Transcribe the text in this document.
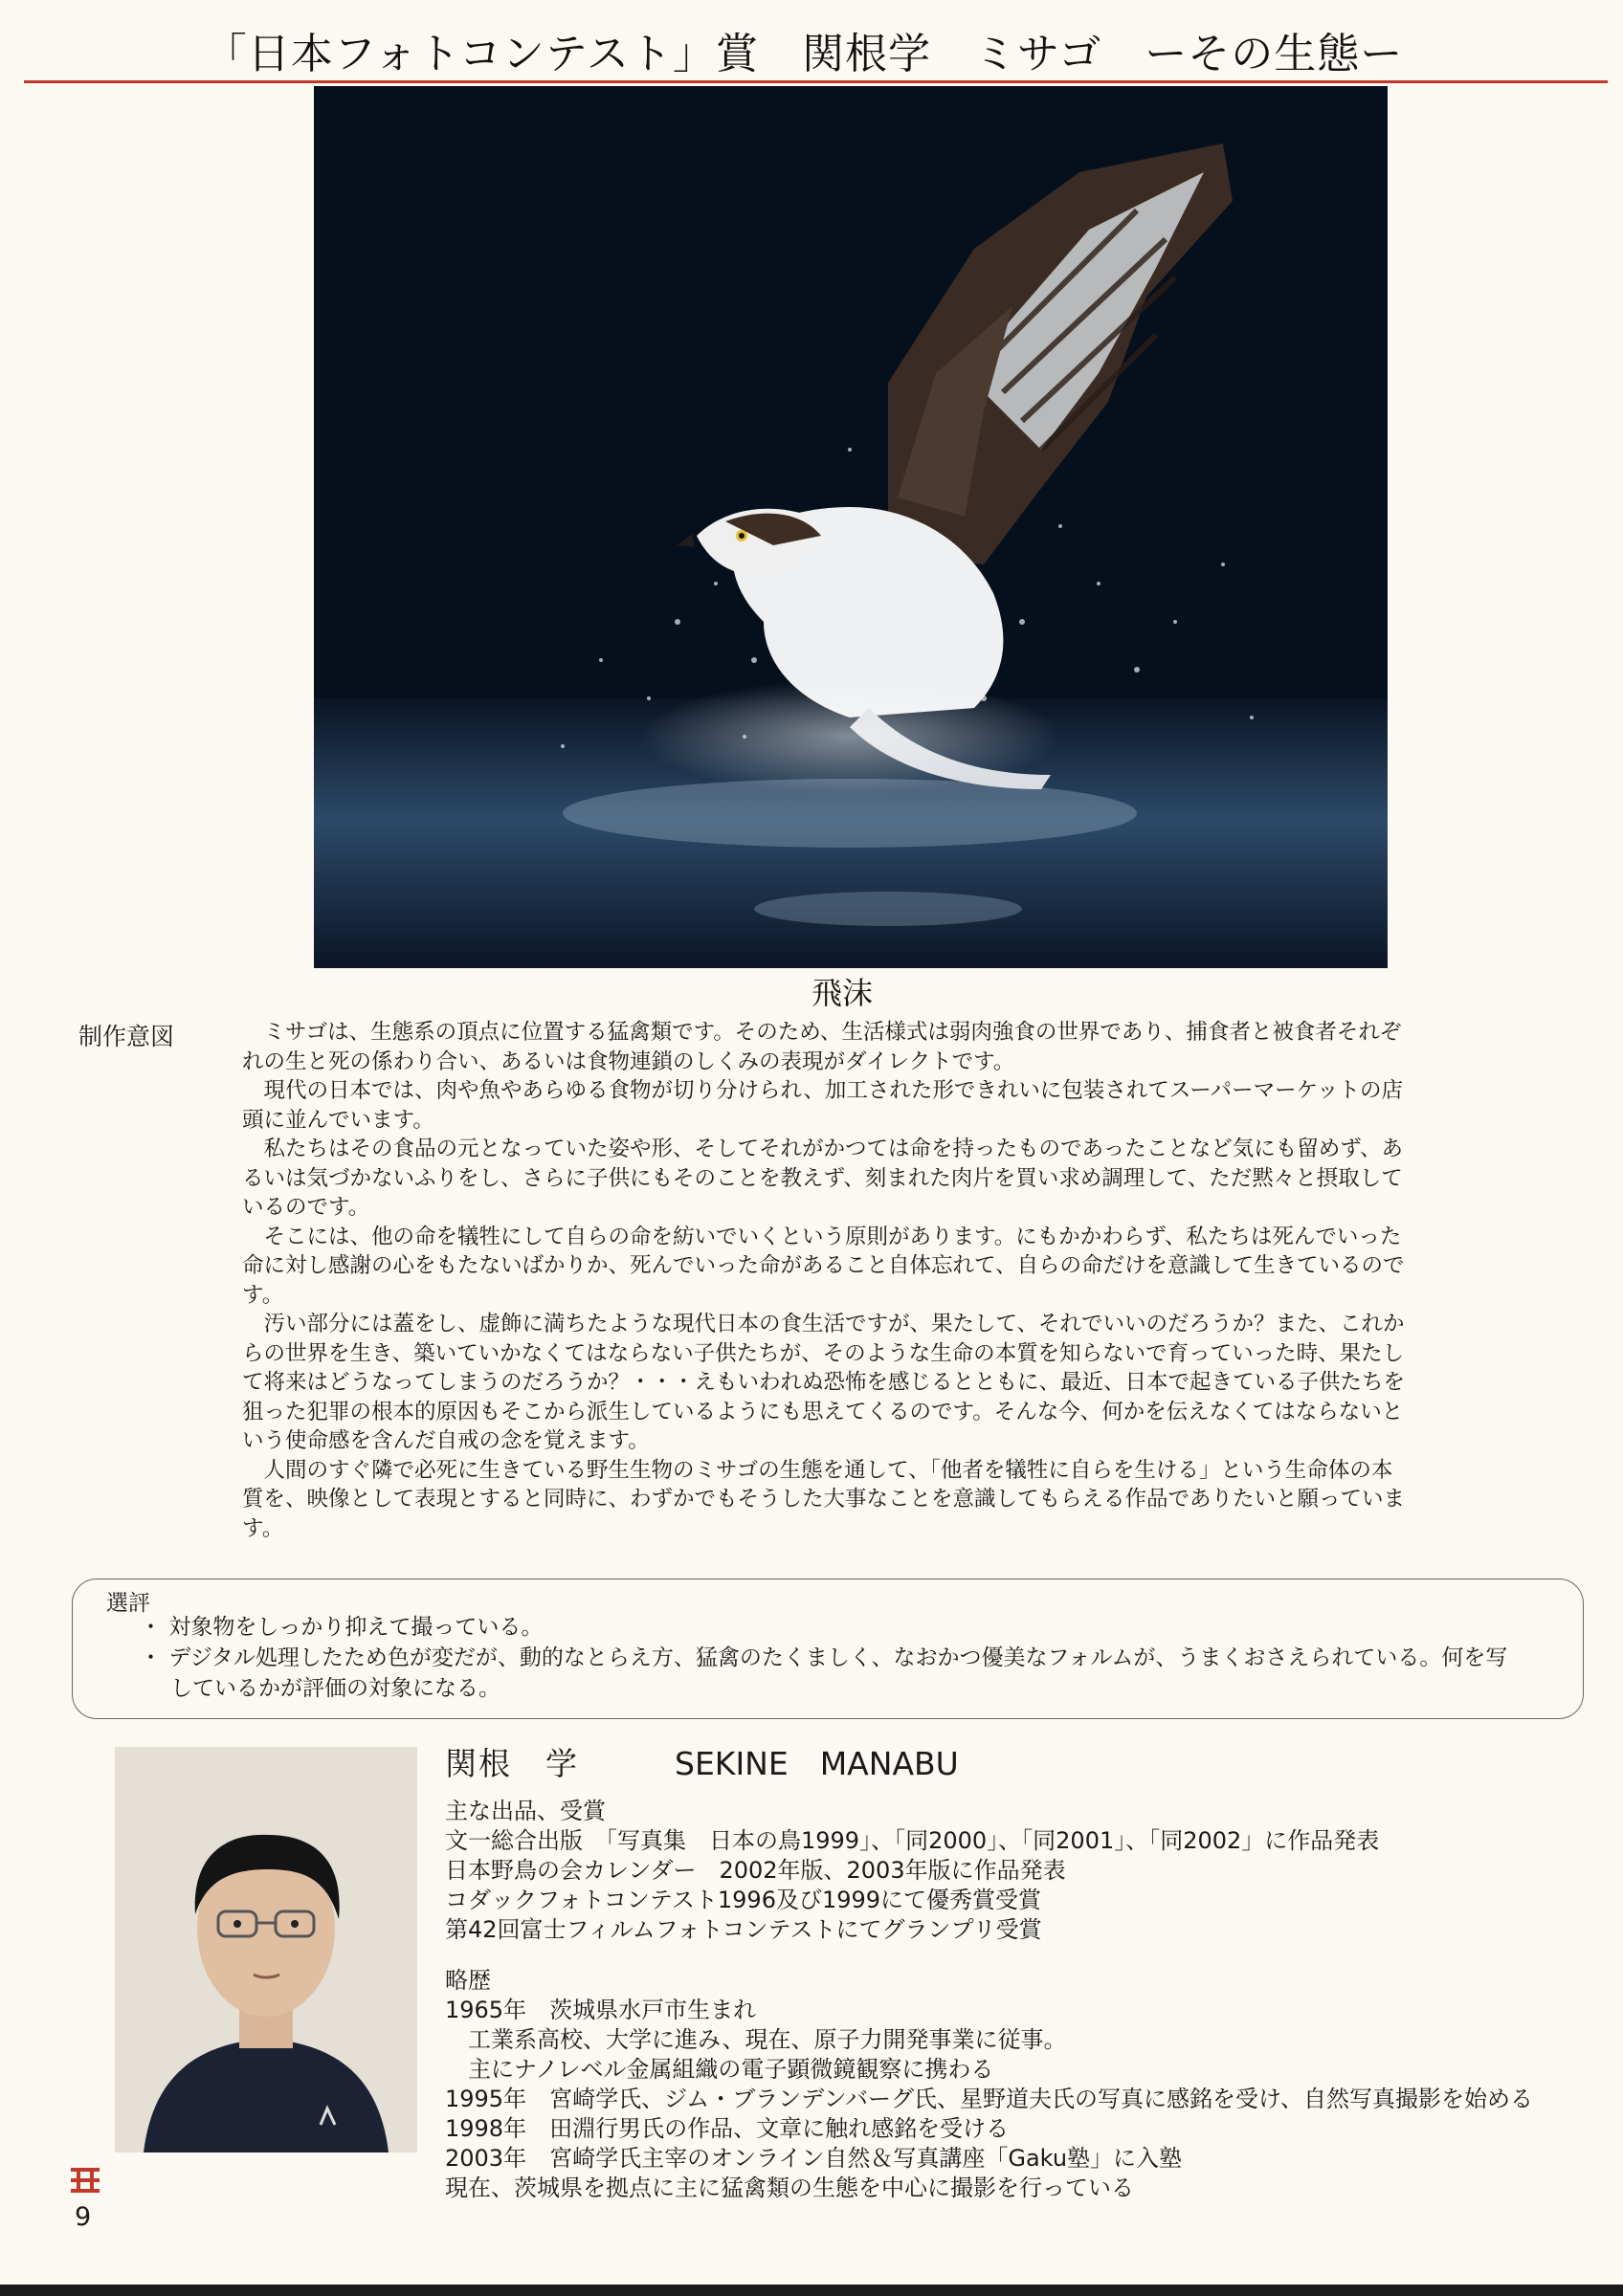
「日本フォトコンテスト」賞　関根学　ミサゴ　ーその生態ー
飛沫
制作意図	ミサゴは、生態系の頂点に位置する猛禽類です。そのため、生活様式は弱肉強食の世界であり、捕食者と被食者それぞれの生と死の係わり合い、あるいは食物連鎖のしくみの表現がダイレクトです。

現代の日本では、肉や魚やあらゆる食物が切り分けられ、加工された形できれいに包装されてスーパーマーケットの店頭に並んでいます。

私たちはその食品の元となっていた姿や形、そしてそれがかつては命を持ったものであったことなど気にも留めず、あるいは気づかないふりをし、さらに子供にもそのことを教えず、刻まれた肉片を買い求め調理して、ただ黙々と摂取しているのです。

そこには、他の命を犠牲にして自らの命を紡いでいくという原則があります。にもかかわらず、私たちは死んでいった命に対し感謝の心をもたないばかりか、死んでいった命があること自体忘れて、自らの命だけを意識して生きているのです。

汚い部分には蓋をし、虚飾に満ちたような現代日本の食生活ですが、果たして、それでいいのだろうか？また、これからの世界を生き、築いていかなくてはならない子供たちが、そのような生命の本質を知らないで育っていった時、果たして将来はどうなってしまうのだろうか？・・・えもいわれぬ恐怖を感じるとともに、最近、日本で起きている子供たちを狙った犯罪の根本的原因もそこから派生しているようにも思えてくるのです。そんな今、何かを伝えなくてはならないという使命感を含んだ自戒の念を覚えます。

人間のすぐ隣で必死に生きている野生生物のミサゴの生態を通して、「他者を犠牲に自らを生ける」という生命体の本質を、映像として表現とすると同時に、わずかでもそうした大事なことを意識してもらえる作品でありたいと願っています。

選評
・ 対象物をしっかり抑えて撮っている。
・ デジタル処理したため色が変だが、動的なとらえ方、猛禽のたくましく、なおかつ優美なフォルムが、うまくおさえられている。何を写しているかが評価の対象になる。
関根　学	SEKINE　MANABU

主な出品、受賞

文一総合出版　「写真集　日本の鳥1999」、「同2000」、「同2001」、「同2002」に作品発表

日本野鳥の会カレンダー　2002年版、2003年版に作品発表

コダックフォトコンテスト1996及び1999にて優秀賞受賞

第42回富士フィルムフォトコンテストにてグランプリ受賞

略歴

1965年　茨城県水戸市生まれ

工業系高校、大学に進み、現在、原子力開発事業に従事。

主にナノレベル金属組織の電子顕微鏡観察に携わる

1995年　宮崎学氏、ジム・ブランデンバーグ氏、星野道夫氏の写真に感銘を受け、自然写真撮影を始める

1998年　田淵行男氏の作品、文章に触れ感銘を受ける

2003年　宮崎学氏主宰のオンライン自然＆写真講座「Gaku塾」に入塾

現在、茨城県を拠点に主に猛禽類の生態を中心に撮影を行っている

9
